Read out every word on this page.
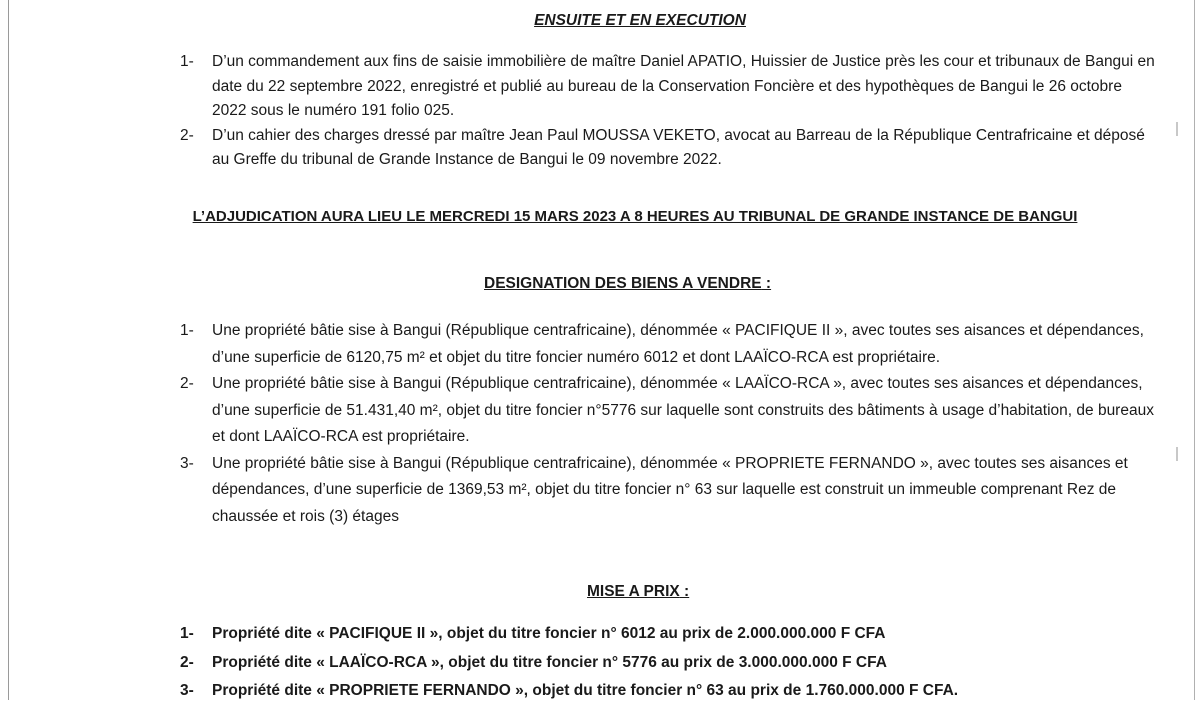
ENSUITE ET EN EXECUTION
1- D’un commandement aux fins de saisie immobilière de maître Daniel APATIO, Huissier de Justice près les cour et tribunaux de Bangui en date du 22 septembre 2022, enregistré et publié au bureau de la Conservation Foncière et des hypothèques de Bangui le 26 octobre 2022 sous le numéro 191 folio 025.
2- D’un cahier des charges dressé par maître Jean Paul MOUSSA VEKETO, avocat au Barreau de la République Centrafricaine et déposé au Greffe du tribunal de Grande Instance de Bangui le 09 novembre 2022.
L’ADJUDICATION AURA LIEU LE MERCREDI 15 MARS 2023 A 8 HEURES AU TRIBUNAL DE GRANDE INSTANCE DE BANGUI
DESIGNATION DES BIENS A VENDRE :
1- Une propriété bâtie sise à Bangui (République centrafricaine), dénommée « PACIFIQUE II », avec toutes ses aisances et dépendances, d’une superficie de 6120,75 m² et objet du titre foncier numéro 6012 et dont LAAÏCO-RCA est propriétaire.
2- Une propriété bâtie sise à Bangui (République centrafricaine), dénommée « LAAÏCO-RCA », avec toutes ses aisances et dépendances, d’une superficie de 51.431,40 m², objet du titre foncier n°5776 sur laquelle sont construits des bâtiments à usage d’habitation, de bureaux et dont LAAÏCO-RCA est propriétaire.
3- Une propriété bâtie sise à Bangui (République centrafricaine), dénommée « PROPRIETE FERNANDO », avec toutes ses aisances et dépendances, d’une superficie de 1369,53 m², objet du titre foncier n° 63 sur laquelle est construit un immeuble comprenant Rez de chaussée et rois (3) étages
MISE A PRIX :
1- Propriété dite « PACIFIQUE II », objet du titre foncier n° 6012 au prix de 2.000.000.000 F CFA
2- Propriété dite « LAAÏCO-RCA », objet du titre foncier n° 5776 au prix de 3.000.000.000 F CFA
3- Propriété dite « PROPRIETE FERNANDO », objet du titre foncier n° 63 au prix de 1.760.000.000 F CFA.
